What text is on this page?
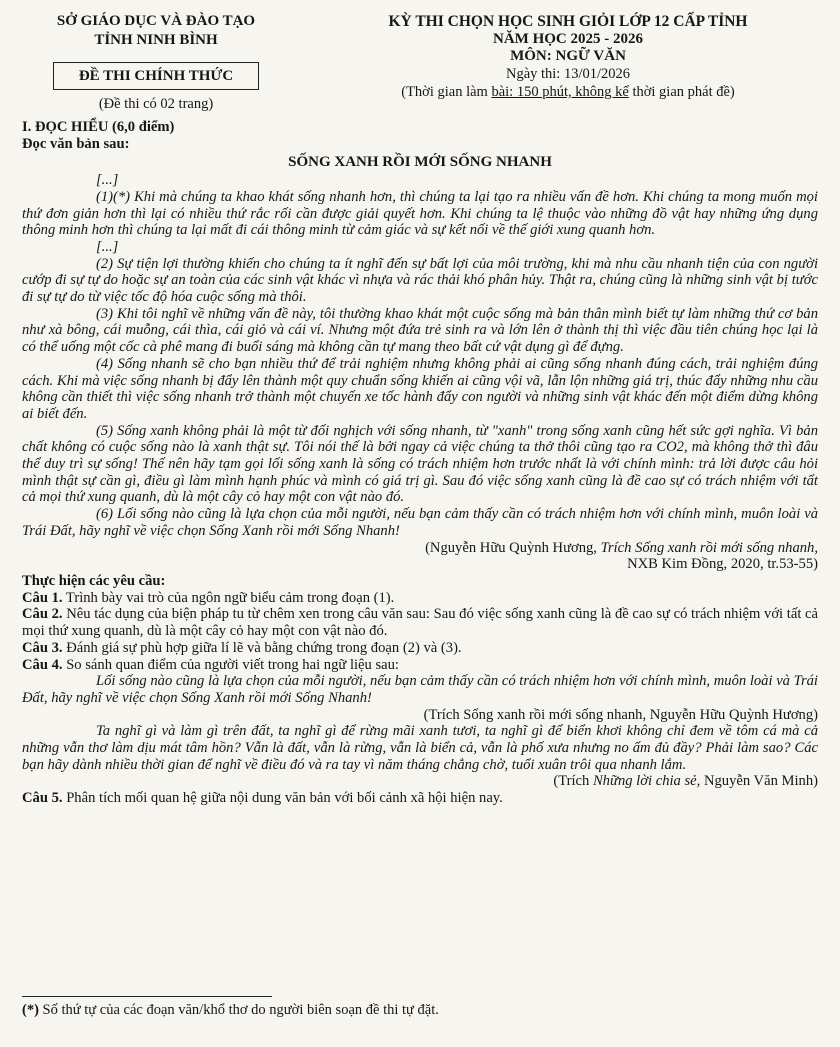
SỞ GIÁO DỤC VÀ ĐÀO TẠO
TỈNH NINH BÌNH
ĐỀ THI CHÍNH THỨC
(Đề thi có 02 trang)
KỲ THI CHỌN HỌC SINH GIỎI LỚP 12 CẤP TỈNH
NĂM HỌC 2025 - 2026
MÔN: NGỮ VĂN
Ngày thi: 13/01/2026
(Thời gian làm bài: 150 phút, không kể thời gian phát đề)
I. ĐỌC HIỂU (6,0 điểm)
Đọc văn bản sau:
SỐNG XANH RỒI MỚI SỐNG NHANH

[...]

(1)(*) Khi mà chúng ta khao khát sống nhanh hơn, thì chúng ta lại tạo ra nhiều vấn đề hơn. Khi chúng ta mong muốn mọi thứ đơn giản hơn thì lại có nhiều thứ rắc rối cần được giải quyết hơn. Khi chúng ta lệ thuộc vào những đồ vật hay những ứng dụng thông minh hơn thì chúng ta lại mất đi cái thông minh từ cảm giác và sự kết nối về thế giới xung quanh hơn.

[...]

(2) Sự tiện lợi thường khiến cho chúng ta ít nghĩ đến sự bất lợi của môi trường, khi mà nhu cầu nhanh tiện của con người cướp đi sự tự do hoặc sự an toàn của các sinh vật khác vì nhựa và rác thải khó phân hủy. Thật ra, chúng cũng là những sinh vật bị tước đi sự tự do từ việc tốc độ hóa cuộc sống mà thôi.

(3) Khi tôi nghĩ về những vấn đề này, tôi thường khao khát một cuộc sống mà bản thân mình biết tự làm những thứ cơ bản như xà bông, cái muỗng, cái thìa, cái giỏ và cái ví. Nhưng một đứa trẻ sinh ra và lớn lên ở thành thị thì việc đầu tiên chúng học lại là có thể uống một cốc cà phê mang đi buổi sáng mà không cần tự mang theo bất cứ vật dụng gì để đựng.

(4) Sống nhanh sẽ cho bạn nhiều thứ để trải nghiệm nhưng không phải ai cũng sống nhanh đúng cách, trải nghiệm đúng cách. Khi mà việc sống nhanh bị đẩy lên thành một quy chuẩn sống khiến ai cũng vội vã, lẫn lộn những giá trị, thúc đẩy những nhu cầu không cần thiết thì việc sống nhanh trở thành một chuyến xe tốc hành đẩy con người và những sinh vật khác đến một điểm dừng không ai biết đến.

(5) Sống xanh không phải là một từ đối nghịch với sống nhanh, từ "xanh" trong sống xanh cũng hết sức gợi nghĩa. Vì bản chất không có cuộc sống nào là xanh thật sự. Tôi nói thế là bởi ngay cả việc chúng ta thở thôi cũng tạo ra CO2, mà không thở thì đâu thể duy trì sự sống! Thế nên hãy tạm gọi lối sống xanh là sống có trách nhiệm hơn trước nhất là với chính mình: trả lời được câu hỏi mình thật sự cần gì, điều gì làm mình hạnh phúc và mình có giá trị gì. Sau đó việc sống xanh cũng là đề cao sự có trách nhiệm với tất cả mọi thứ xung quanh, dù là một cây cỏ hay một con vật nào đó.

(6) Lối sống nào cũng là lựa chọn của mỗi người, nếu bạn cảm thấy cần có trách nhiệm hơn với chính mình, muôn loài và Trái Đất, hãy nghĩ về việc chọn Sống Xanh rồi mới Sống Nhanh!

(Nguyễn Hữu Quỳnh Hương, Trích Sống xanh rồi mới sống nhanh,

NXB Kim Đồng, 2020, tr.53-55)

Thực hiện các yêu cầu:

Câu 1. Trình bày vai trò của ngôn ngữ biểu cảm trong đoạn (1).

Câu 2. Nêu tác dụng của biện pháp tu từ chêm xen trong câu văn sau: Sau đó việc sống xanh cũng là đề cao sự có trách nhiệm với tất cả mọi thứ xung quanh, dù là một cây cỏ hay một con vật nào đó.

Câu 3. Đánh giá sự phù hợp giữa lí lẽ và bằng chứng trong đoạn (2) và (3).

Câu 4. So sánh quan điểm của người viết trong hai ngữ liệu sau:

Lối sống nào cũng là lựa chọn của mỗi người, nếu bạn cảm thấy cần có trách nhiệm hơn với chính mình, muôn loài và Trái Đất, hãy nghĩ về việc chọn Sống Xanh rồi mới Sống Nhanh!

(Trích Sống xanh rồi mới sống nhanh, Nguyễn Hữu Quỳnh Hương)

Ta nghĩ gì và làm gì trên đất, ta nghĩ gì để rừng mãi xanh tươi, ta nghĩ gì để biển khơi không chỉ đem về tôm cá mà cả những vẫn thơ làm dịu mát tâm hồn? Vẫn là đất, vẫn là rừng, vẫn là biển cả, vẫn là phố xưa nhưng no ấm đủ đầy? Phải làm sao? Các bạn hãy dành nhiều thời gian để nghĩ về điều đó và ra tay vì năm tháng chẳng chờ, tuổi xuân trôi qua nhanh lắm.

(Trích Những lời chia sẻ, Nguyễn Văn Minh)

Câu 5. Phân tích mối quan hệ giữa nội dung văn bản với bối cảnh xã hội hiện nay.

(*) Số thứ tự của các đoạn văn/khổ thơ do người biên soạn đề thi tự đặt.
